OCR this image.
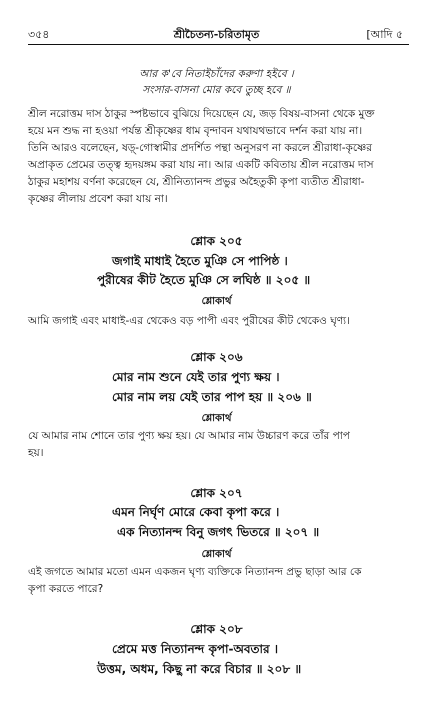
৩৫৪	শ্রীচৈতন্য-চরিতামৃত	[আদি ৫
আর ক'বে নিতাইচাঁদের করুণা হইবে ।
সংসার-বাসনা মোর কবে তুচ্ছ হবে ॥
শ্রীল নরোত্তম দাস ঠাকুর স্পষ্টভাবে বুঝিয়ে দিয়েছেন যে, জড় বিষয়-বাসনা থেকে মুক্ত
হয়ে মন শুদ্ধ না হওয়া পর্যন্ত শ্রীকৃষ্ণের ধাম বৃন্দাবন যথাযথভাবে দর্শন করা যায় না।
তিনি আরও বলেছেন, ষড়্-গোস্বামীর প্রদর্শিত পন্থা অনুসরণ না করলে শ্রীরাধা-কৃষ্ণের
অপ্রাকৃত প্রেমের তত্ত্ব হৃদয়ঙ্গম করা যায় না। আর একটি কবিতায় শ্রীল নরোত্তম দাস
ঠাকুর মহাশয় বর্ণনা করেছেন যে, শ্রীনিত্যানন্দ প্রভুর অহৈতুকী কৃপা ব্যতীত শ্রীরাধা-
কৃষ্ণের লীলায় প্রবেশ করা যায় না।
শ্লোক ২০৫
জগাই মাধাই হৈতে মুঞি সে পাপিষ্ঠ ।
পুরীষের কীট হৈতে মুঞি সে লঘিষ্ঠ ॥ ২০৫ ॥
শ্লোকার্থ
আমি জগাই এবং মাধাই-এর থেকেও বড় পাপী এবং পুরীষের কীট থেকেও ঘৃণ্য।
শ্লোক ২০৬
মোর নাম শুনে যেই তার পুণ্য ক্ষয় ।
মোর নাম লয় যেই তার পাপ হয় ॥ ২০৬ ॥
শ্লোকার্থ
যে আমার নাম শোনে তার পুণ্য ক্ষয় হয়। যে আমার নাম উচ্চারণ করে তাঁর পাপ
হয়।
শ্লোক ২০৭
এমন নির্ঘৃণ মোরে কেবা কৃপা করে ।
এক নিত্যানন্দ বিনু জগৎ ভিতরে ॥ ২০৭ ॥
শ্লোকার্থ
এই জগতে আমার মতো এমন একজন ঘৃণ্য ব্যক্তিকে নিত্যানন্দ প্রভু ছাড়া আর কে
কৃপা করতে পারে?
শ্লোক ২০৮
প্রেমে মত্ত নিত্যানন্দ কৃপা-অবতার ।
উত্তম, অধম, কিছু না করে বিচার ॥ ২০৮ ॥
